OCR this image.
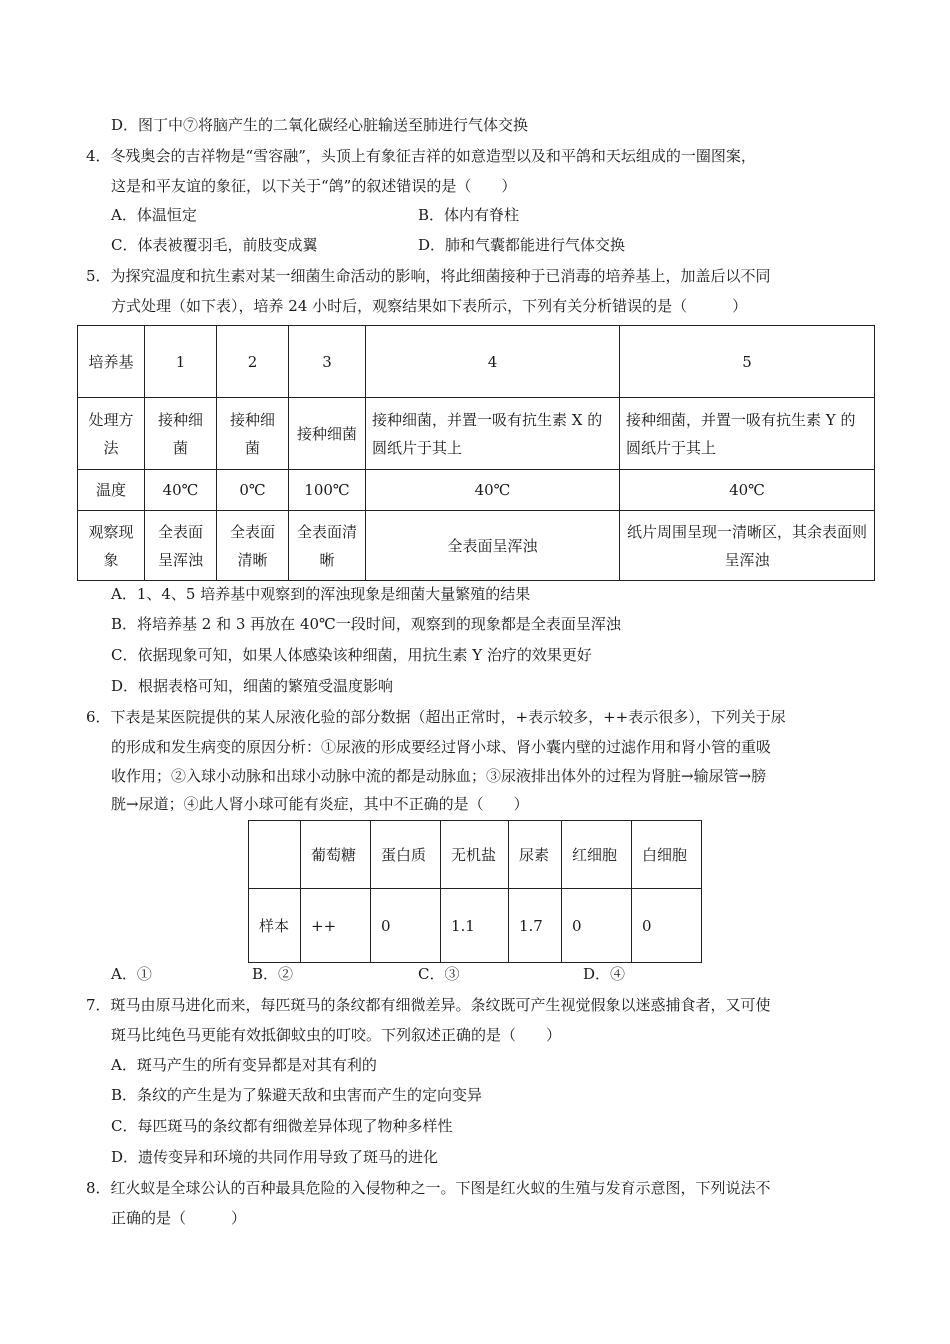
D．图丁中⑦将脑产生的二氧化碳经心脏输送至肺进行气体交换
4．冬残奥会的吉祥物是“雪容融”，头顶上有象征吉祥的如意造型以及和平鸽和天坛组成的一圈图案，
这是和平友谊的象征，以下关于“鸽”的叙述错误的是（　　）
A．体温恒定	B．体内有脊柱
C．体表被覆羽毛，前肢变成翼	D．肺和气囊都能进行气体交换
5．为探究温度和抗生素对某一细菌生命活动的影响，将此细菌接种于已消毒的培养基上，加盖后以不同
方式处理（如下表），培养 24 小时后，观察结果如下表所示，下列有关分析错误的是（　　　）
培养基	1	2	3	4	5
处理方法	接种细菌	接种细菌	接种细菌	接种细菌，并置一吸有抗生素 X 的圆纸片于其上	接种细菌，并置一吸有抗生素 Y 的圆纸片于其上
温度	40℃	0℃	100℃	40℃	40℃
观察现象	全表面呈浑浊	全表面清晰	全表面清晰	全表面呈浑浊	纸片周围呈现一清晰区，其余表面则呈浑浊
A．1、4、5 培养基中观察到的浑浊现象是细菌大量繁殖的结果
B．将培养基 2 和 3 再放在 40℃一段时间，观察到的现象都是全表面呈浑浊
C．依据现象可知，如果人体感染该种细菌，用抗生素 Y 治疗的效果更好
D．根据表格可知，细菌的繁殖受温度影响
6．下表是某医院提供的某人尿液化验的部分数据（超出正常时，+表示较多，++表示很多），下列关于尿
的形成和发生病变的原因分析：①尿液的形成要经过肾小球、肾小囊内壁的过滤作用和肾小管的重吸
收作用；②入球小动脉和出球小动脉中流的都是动脉血；③尿液排出体外的过程为肾脏→输尿管→膀
胱→尿道；④此人肾小球可能有炎症，其中不正确的是（　　）
	葡萄糖	蛋白质	无机盐	尿素	红细胞	白细胞
样本	++	0	1.1	1.7	0	0
A．①	B．②	C．③	D．④
7．斑马由原马进化而来，每匹斑马的条纹都有细微差异。条纹既可产生视觉假象以迷惑捕食者，又可使
斑马比纯色马更能有效抵御蚊虫的叮咬。下列叙述正确的是（　　）
A．斑马产生的所有变异都是对其有利的
B．条纹的产生是为了躲避天敌和虫害而产生的定向变异
C．每匹斑马的条纹都有细微差异体现了物种多样性
D．遗传变异和环境的共同作用导致了斑马的进化
8．红火蚁是全球公认的百种最具危险的入侵物种之一。下图是红火蚁的生殖与发育示意图，下列说法不
正确的是（　　　）
